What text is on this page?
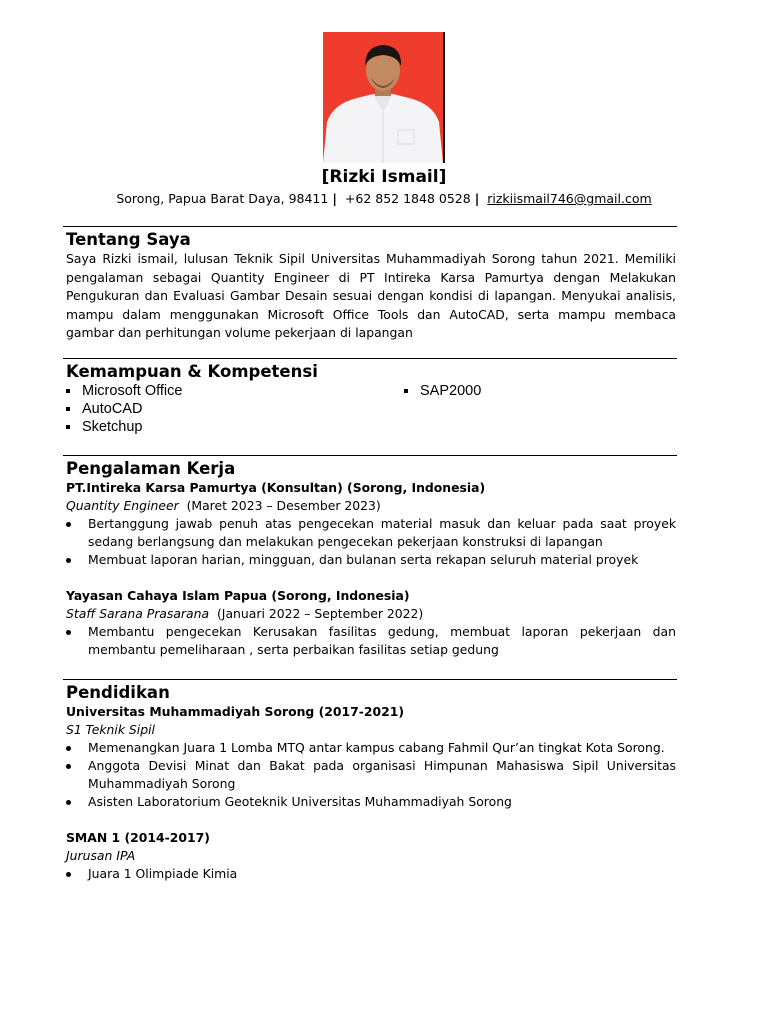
[Rizki Ismail]
Sorong, Papua Barat Daya, 98411 | +62 852 1848 0528 | rizkiismail746@gmail.com
Tentang Saya
Saya Rizki ismail, lulusan Teknik Sipil Universitas Muhammadiyah Sorong tahun 2021. Memiliki pengalaman sebagai Quantity Engineer di PT Intireka Karsa Pamurtya dengan Melakukan Pengukuran dan Evaluasi Gambar Desain sesuai dengan kondisi di lapangan. Menyukai analisis, mampu dalam menggunakan Microsoft Office Tools dan AutoCAD, serta mampu membaca gambar dan perhitungan volume pekerjaan di lapangan
Kemampuan & Kompetensi
Microsoft Office
AutoCAD
Sketchup
SAP2000
Pengalaman Kerja
PT.Intireka Karsa Pamurtya (Konsultan) (Sorong, Indonesia)
Quantity Engineer (Maret 2023 – Desember 2023)
Bertanggung jawab penuh atas pengecekan material masuk dan keluar pada saat proyek sedang berlangsung dan melakukan pengecekan pekerjaan konstruksi di lapangan
Membuat laporan harian, mingguan, dan bulanan serta rekapan seluruh material proyek
Yayasan Cahaya Islam Papua (Sorong, Indonesia)
Staff Sarana Prasarana (Januari 2022 – September 2022)
Membantu pengecekan Kerusakan fasilitas gedung, membuat laporan pekerjaan dan membantu pemeliharaan , serta perbaikan fasilitas setiap gedung
Pendidikan
Universitas Muhammadiyah Sorong (2017-2021)
S1 Teknik Sipil
Memenangkan Juara 1 Lomba MTQ antar kampus cabang Fahmil Qur’an tingkat Kota Sorong.
Anggota Devisi Minat dan Bakat pada organisasi Himpunan Mahasiswa Sipil Universitas Muhammadiyah Sorong
Asisten Laboratorium Geoteknik Universitas Muhammadiyah Sorong
SMAN 1 (2014-2017)
Jurusan IPA
Juara 1 Olimpiade Kimia
